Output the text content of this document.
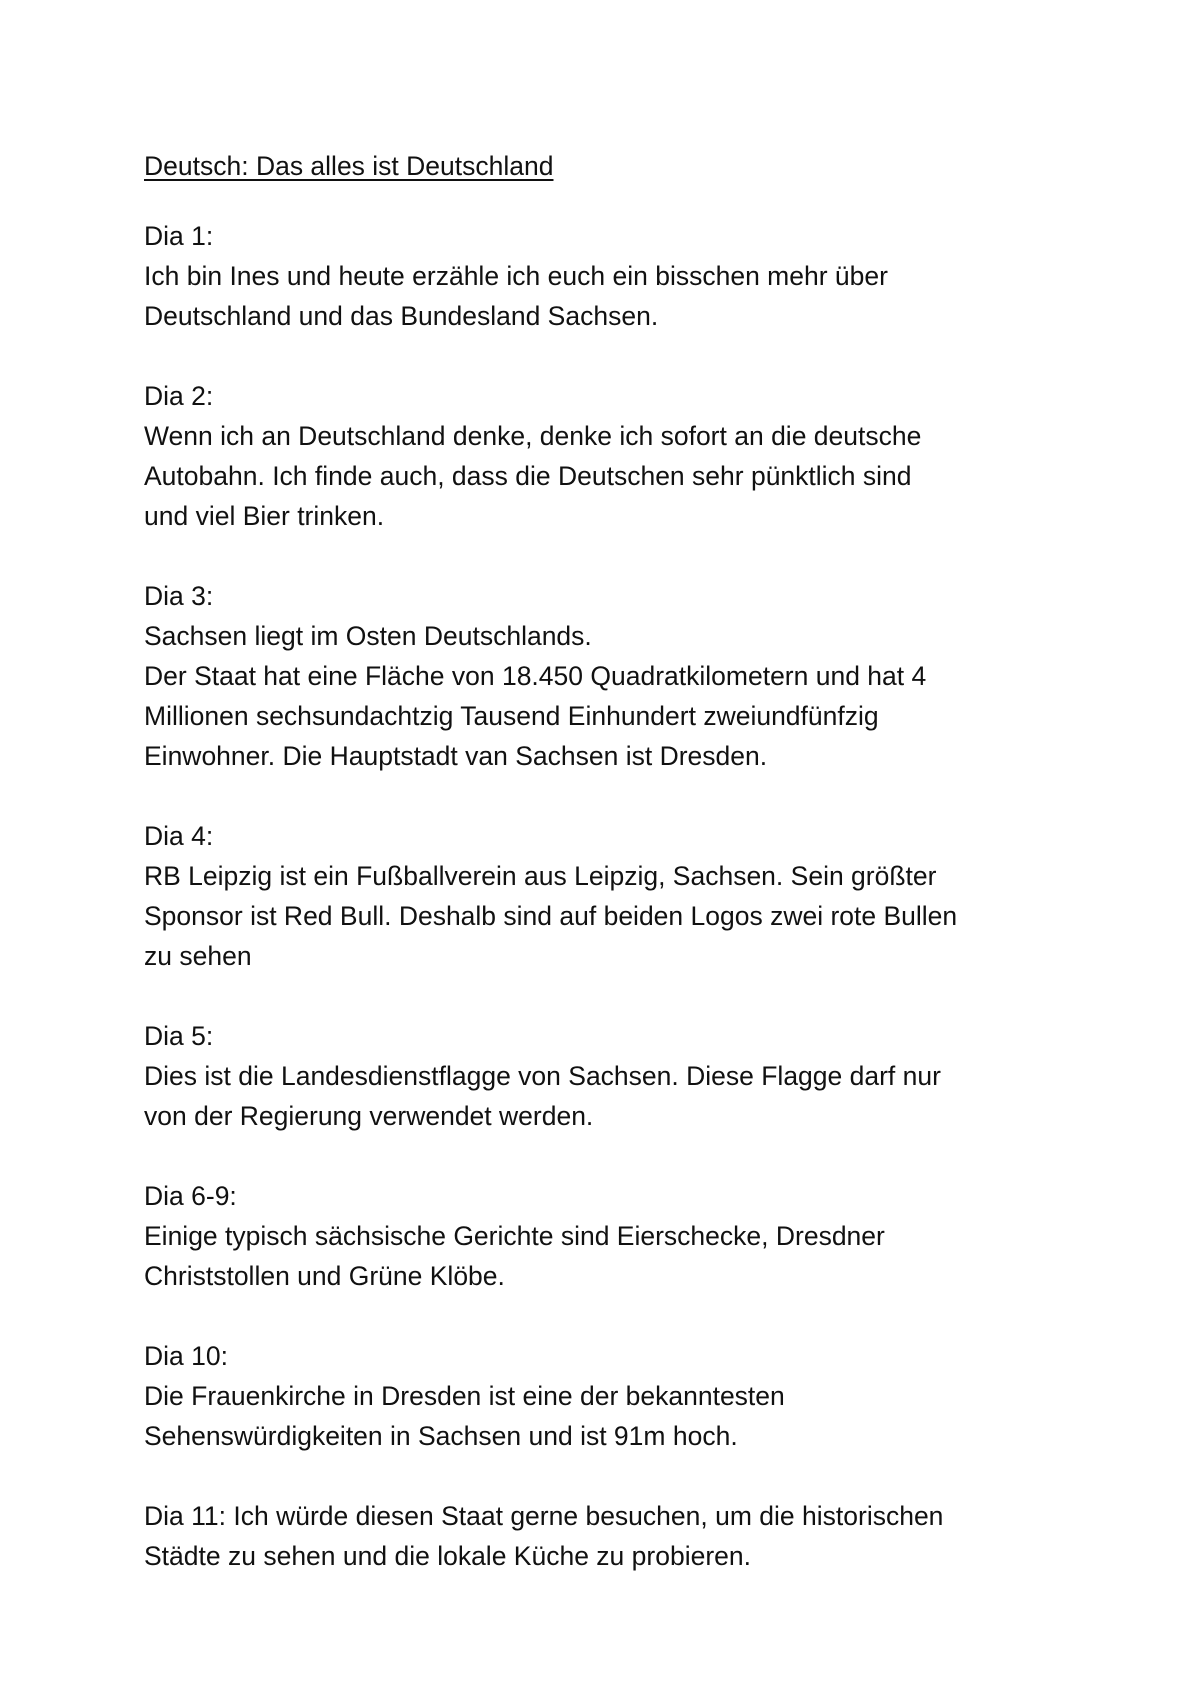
Deutsch: Das alles ist Deutschland
Dia 1:
Ich bin Ines und heute erzähle ich euch ein bisschen mehr über
Deutschland und das Bundesland Sachsen.
Dia 2:
Wenn ich an Deutschland denke, denke ich sofort an die deutsche
Autobahn. Ich finde auch, dass die Deutschen sehr pünktlich sind
und viel Bier trinken.
Dia 3:
Sachsen liegt im Osten Deutschlands.
Der Staat hat eine Fläche von 18.450 Quadratkilometern und hat 4
Millionen sechsundachtzig Tausend Einhundert zweiundfünfzig
Einwohner. Die Hauptstadt van Sachsen ist Dresden.
Dia 4:
RB Leipzig ist ein Fußballverein aus Leipzig, Sachsen. Sein größter
Sponsor ist Red Bull. Deshalb sind auf beiden Logos zwei rote Bullen
zu sehen
Dia 5:
Dies ist die Landesdienstflagge von Sachsen. Diese Flagge darf nur
von der Regierung verwendet werden.
Dia 6-9:
Einige typisch sächsische Gerichte sind Eierschecke, Dresdner
Christstollen und Grüne Klöbe.
Dia 10:
Die Frauenkirche in Dresden ist eine der bekanntesten
Sehenswürdigkeiten in Sachsen und ist 91m hoch.
Dia 11: Ich würde diesen Staat gerne besuchen, um die historischen
Städte zu sehen und die lokale Küche zu probieren.
